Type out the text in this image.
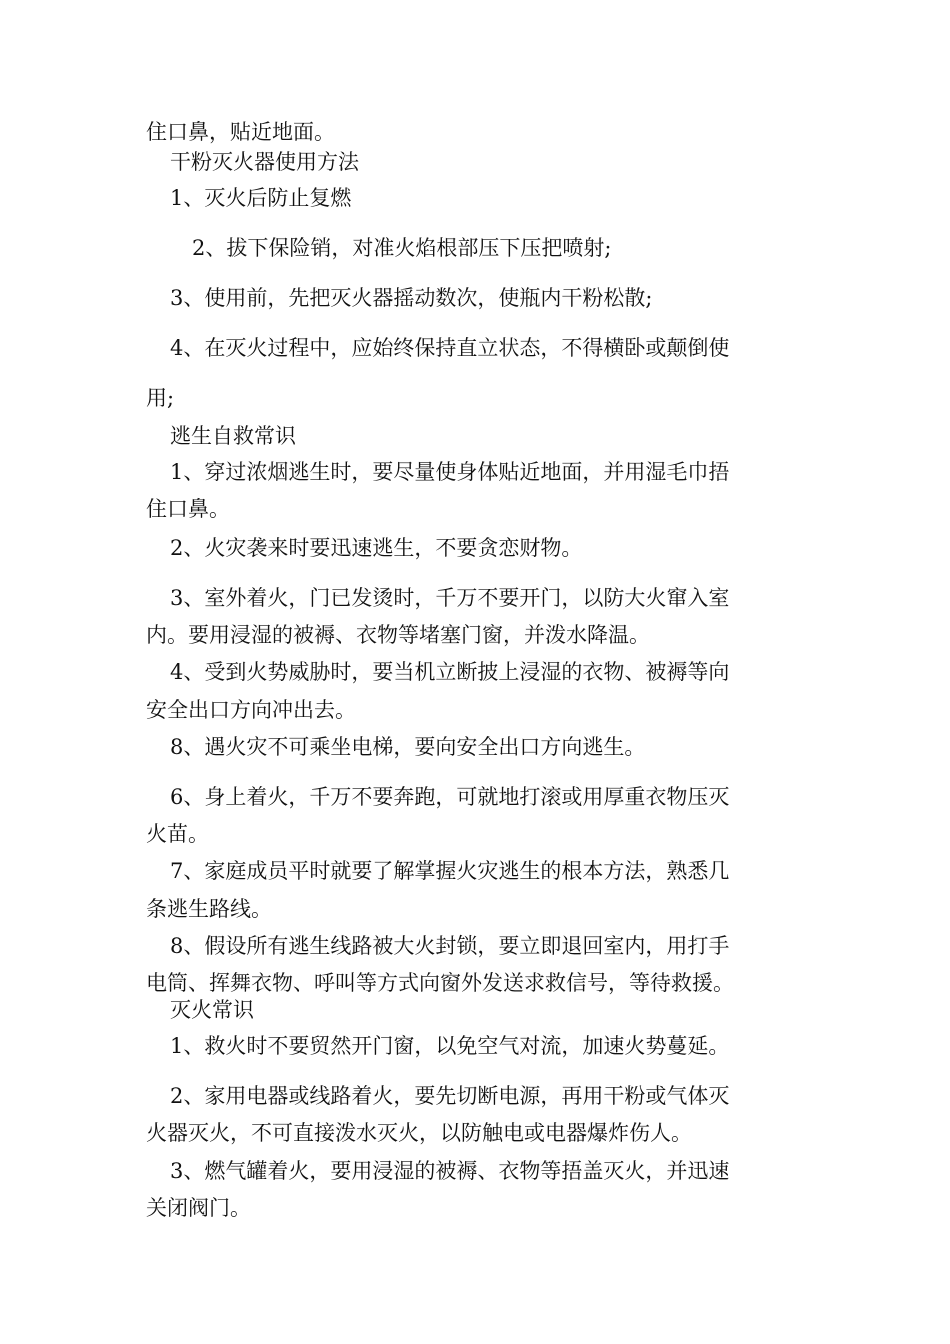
住口鼻，贴近地面。
干粉灭火器使用方法
1、灭火后防止复燃
2、拔下保险销，对准火焰根部压下压把喷射;
3、使用前，先把灭火器摇动数次，使瓶内干粉松散;
4、在灭火过程中，应始终保持直立状态，不得横卧或颠倒使
用;
逃生自救常识
1、穿过浓烟逃生时，要尽量使身体贴近地面，并用湿毛巾捂
住口鼻。
2、火灾袭来时要迅速逃生，不要贪恋财物。
3、室外着火，门已发烫时，千万不要开门，以防大火窜入室
内。要用浸湿的被褥、衣物等堵塞门窗，并泼水降温。
4、受到火势威胁时，要当机立断披上浸湿的衣物、被褥等向
安全出口方向冲出去。
8、遇火灾不可乘坐电梯，要向安全出口方向逃生。
6、身上着火，千万不要奔跑，可就地打滚或用厚重衣物压灭
火苗。
7、家庭成员平时就要了解掌握火灾逃生的根本方法，熟悉几
条逃生路线。
8、假设所有逃生线路被大火封锁，要立即退回室内，用打手
电筒、挥舞衣物、呼叫等方式向窗外发送求救信号，等待救援。
灭火常识
1、救火时不要贸然开门窗，以免空气对流，加速火势蔓延。
2、家用电器或线路着火，要先切断电源，再用干粉或气体灭
火器灭火，不可直接泼水灭火，以防触电或电器爆炸伤人。
3、燃气罐着火，要用浸湿的被褥、衣物等捂盖灭火，并迅速
关闭阀门。
